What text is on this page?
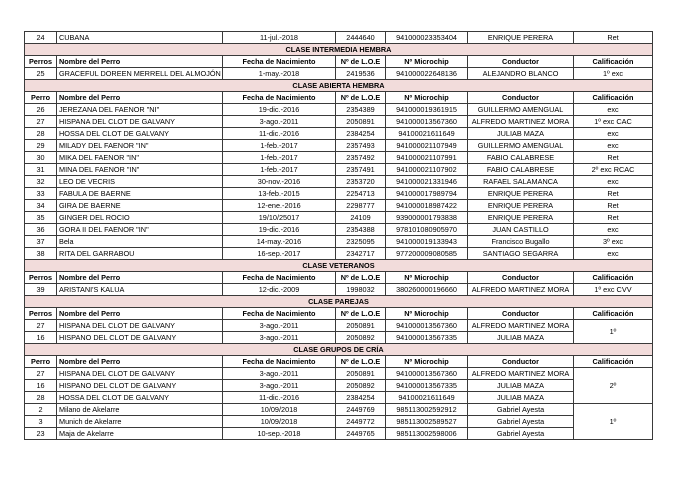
24	CUBANA	11-jul.-2018	2444640	941000023353404	ENRIQUE PERERA	Ret
CLASE INTERMEDIA HEMBRA						
Perros	Nombre del Perro	Fecha de Nacimiento	Nº de L.O.E	Nº Microchip	Conductor	Calificación
25	GRACEFUL DOREEN MERRELL DEL ALMOJÓN	1-may.-2018	2419536	941000022648136	ALEJANDRO BLANCO	1º exc
CLASE ABIERTA HEMBRA						
Perro	Nombre del Perro	Fecha de Nacimiento	Nº de L.O.E	Nº Microchip	Conductor	Calificación
26	JEREZANA DEL FAENOR "NI"	19-dic.-2016	2354389	941000019361915	GUILLERMO AMENGUAL	exc
27	HISPANA DEL CLOT DE GALVANY	3-ago.-2011	2050891	941000013567360	ALFREDO MARTINEZ MORA	1º exc CAC
28	HOSSA DEL CLOT DE GALVANY	11-dic.-2016	2384254	94100021611649	JULIAB MAZA	exc
29	MILADY DEL FAENOR "IN"	1-feb.-2017	2357493	941000021107949	GUILLERMO AMENGUAL	exc
30	MIKA DEL FAENOR "IN"	1-feb.-2017	2357492	941000021107991	FABIO CALABRESE	Ret
31	MINA DEL FAENOR "IN"	1-feb.-2017	2357491	941000021107902	FABIO CALABRESE	2º exc RCAC
32	LEO DE VECRIS	30-nov.-2016	2353720	941000021331946	RAFAEL SALAMANCA	exc
33	FABULA DE BAERNE	13-feb.-2015	2254713	941000017989794	ENRIQUE PERERA	Ret
34	GIRA DE BAERNE	12-ene.-2016	2298777	941000018987422	ENRIQUE PERERA	Ret
35	GINGER DEL ROCIO	19/10/25017	24109	939000001793838	ENRIQUE PERERA	Ret
36	GORA II DEL FAENOR "IN"	19-dic.-2016	2354388	978101080905970	JUAN CASTILLO	exc
37	Bela	14-may.-2016	2325095	941000019133943	Francisco Bugallo	3º exc
38	RITA DEL GARRABOU	16-sep.-2017	2342717	977200009080585	SANTIAGO SEGARRA	exc
CLASE VETERANOS						
Perros	Nombre del Perro	Fecha de Nacimiento	Nº de L.O.E	Nº Microchip	Conductor	Calificación
39	ARISTANI'S KALUA	12-dic.-2009	1998032	380260000196660	ALFREDO MARTINEZ MORA	1º exc CVV
CLASE PAREJAS						
Perros	Nombre del Perro	Fecha de Nacimiento	Nº de L.O.E	Nº Microchip	Conductor	Calificación
27	HISPANA DEL CLOT DE GALVANY	3-ago.-2011	2050891	941000013567360	ALFREDO MARTINEZ MORA	1º
16	HISPANO DEL CLOT DE GALVANY	3-ago.-2011	2050892	941000013567335	JULIAB MAZA	
CLASE GRUPOS DE CRÍA						
Perro	Nombre del Perro	Fecha de Nacimiento	Nº de L.O.E	Nº Microchip	Conductor	Calificación
27	HISPANA DEL CLOT DE GALVANY	3-ago.-2011	2050891	941000013567360	ALFREDO MARTINEZ MORA	2º
16	HISPANO DEL CLOT DE GALVANY	3-ago.-2011	2050892	941000013567335	JULIAB MAZA	
28	HOSSA DEL CLOT DE GALVANY	11-dic.-2016	2384254	94100021611649	JULIAB MAZA	
2	Milano de Akelarre	10/09/2018	2449769	985113002592912	Gabriel Ayesta	1º
3	Munich de Akelarre	10/09/2018	2449772	985113002589527	Gabriel Ayesta	
23	Maja de Akelarre	10-sep.-2018	2449765	985113002598006	Gabriel Ayesta	
